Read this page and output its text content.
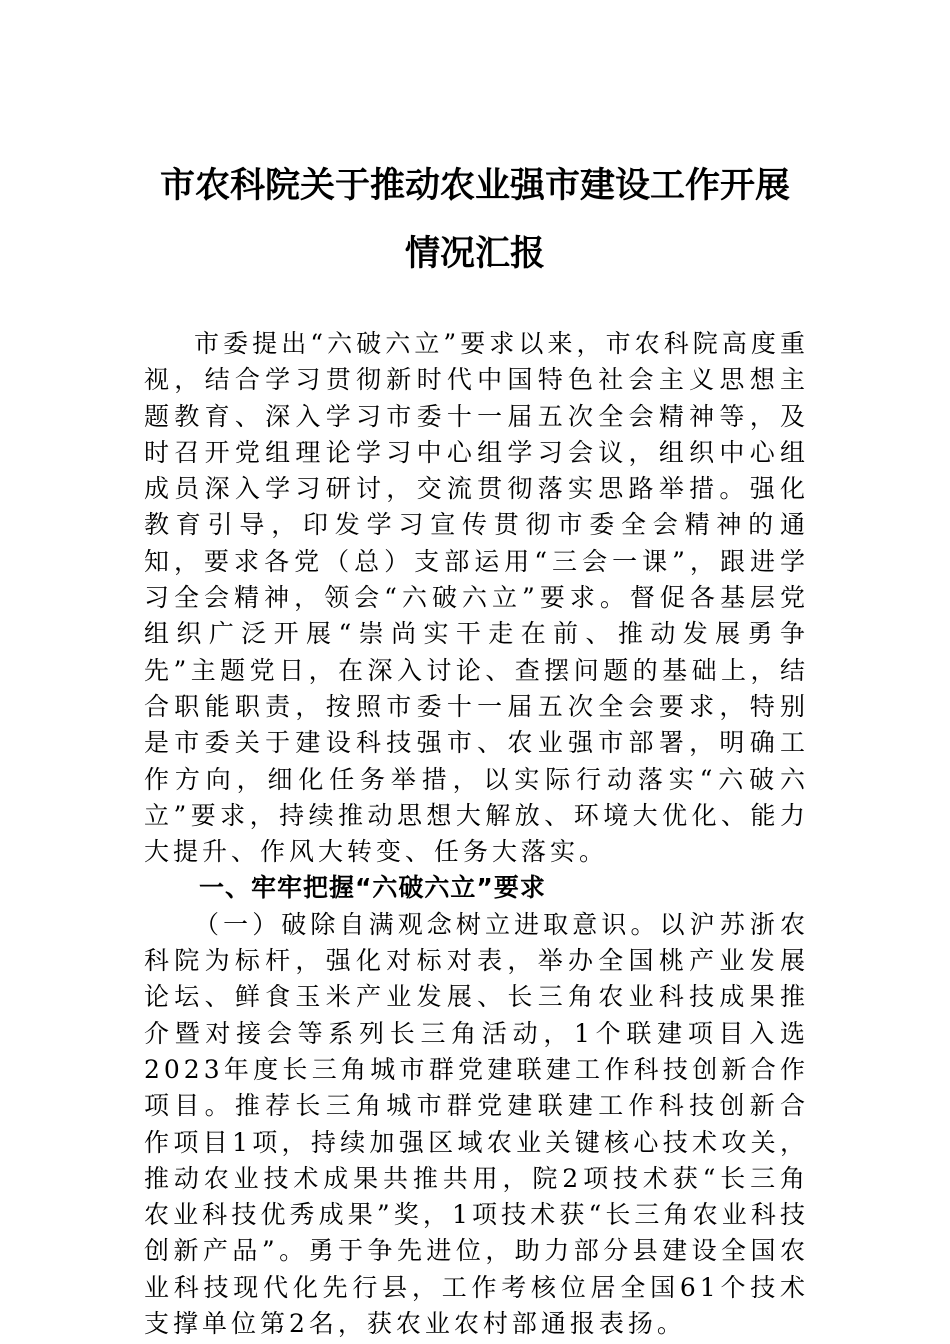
市农科院关于推动农业强市建设工作开展
情况汇报

市委提出“六破六立”要求以来，市农科院高度重视，结合学习贯彻新时代中国特色社会主义思想主题教育、深入学习市委十一届五次全会精神等，及时召开党组理论学习中心组学习会议，组织中心组成员深入学习研讨，交流贯彻落实思路举措。强化教育引导，印发学习宣传贯彻市委全会精神的通知，要求各党（总）支部运用“三会一课”，跟进学习全会精神，领会“六破六立”要求。督促各基层党组织广泛开展“崇尚实干走在前、推动发展勇争先”主题党日，在深入讨论、查摆问题的基础上，结合职能职责，按照市委十一届五次全会要求，特别是市委关于建设科技强市、农业强市部署，明确工作方向，细化任务举措，以实际行动落实“六破六立”要求，持续推动思想大解放、环境大优化、能力大提升、作风大转变、任务大落实。

一、牢牢把握“六破六立”要求

（一）破除自满观念树立进取意识。以沪苏浙农科院为标杆，强化对标对表，举办全国桃产业发展论坛、鲜食玉米产业发展、长三角农业科技成果推介暨对接会等系列长三角活动，1个联建项目入选2023年度长三角城市群党建联建工作科技创新合作项目。推荐长三角城市群党建联建工作科技创新合作项目1项，持续加强区域农业关键核心技术攻关，推动农业技术成果共推共用，院2项技术获“长三角农业科技优秀成果”奖，1项技术获“长三角农业科技创新产品”。勇于争先进位，助力部分县建设全国农业科技现代化先行县，工作考核位居全国61个技术支撑单位第2名，获农业农村部通报表扬。
